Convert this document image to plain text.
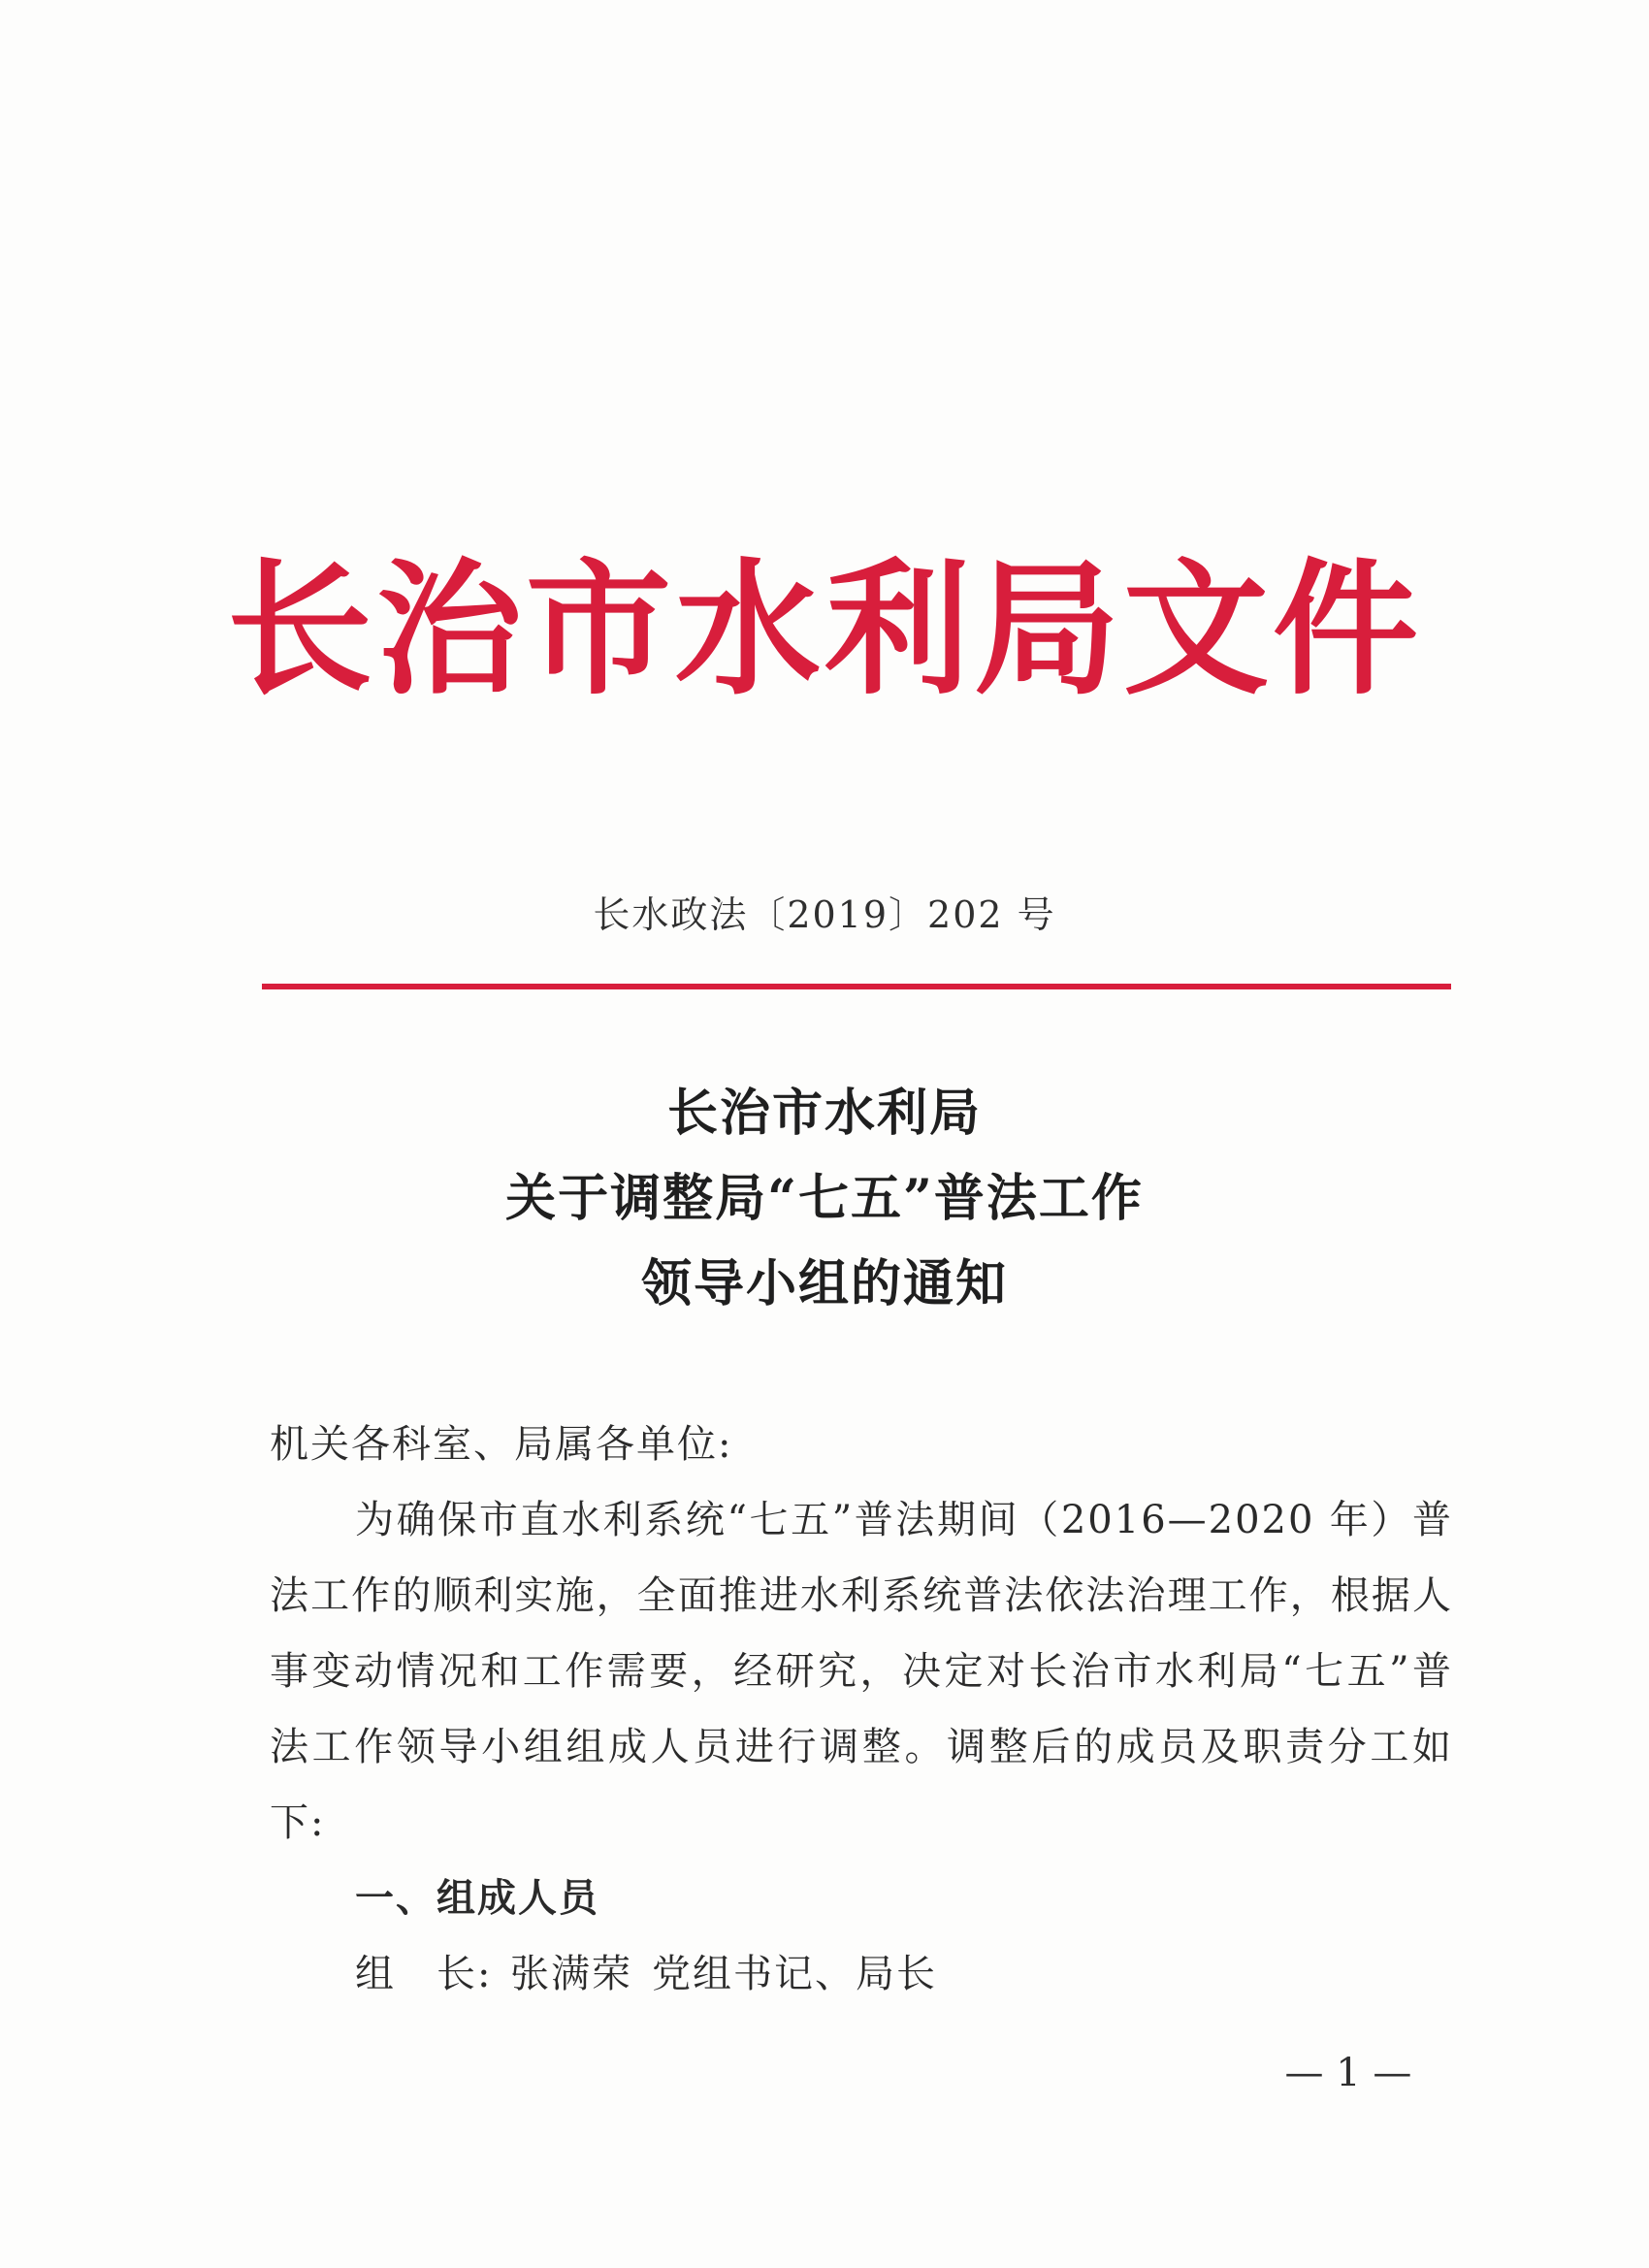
长治市水利局文件
长水政法〔2019〕202 号
长治市水利局
关于调整局“七五”普法工作
领导小组的通知

机关各科室、局属各单位:

为确保市直水利系统“七五”普法期间（2016—2020 年）普法工作的顺利实施，全面推进水利系统普法依法治理工作，根据人事变动情况和工作需要，经研究，决定对长治市水利局“七五”普法工作领导小组组成人员进行调整。调整后的成员及职责分工如下:

一、组成人员

组　长: 张满荣 党组书记、局长

— 1 —
